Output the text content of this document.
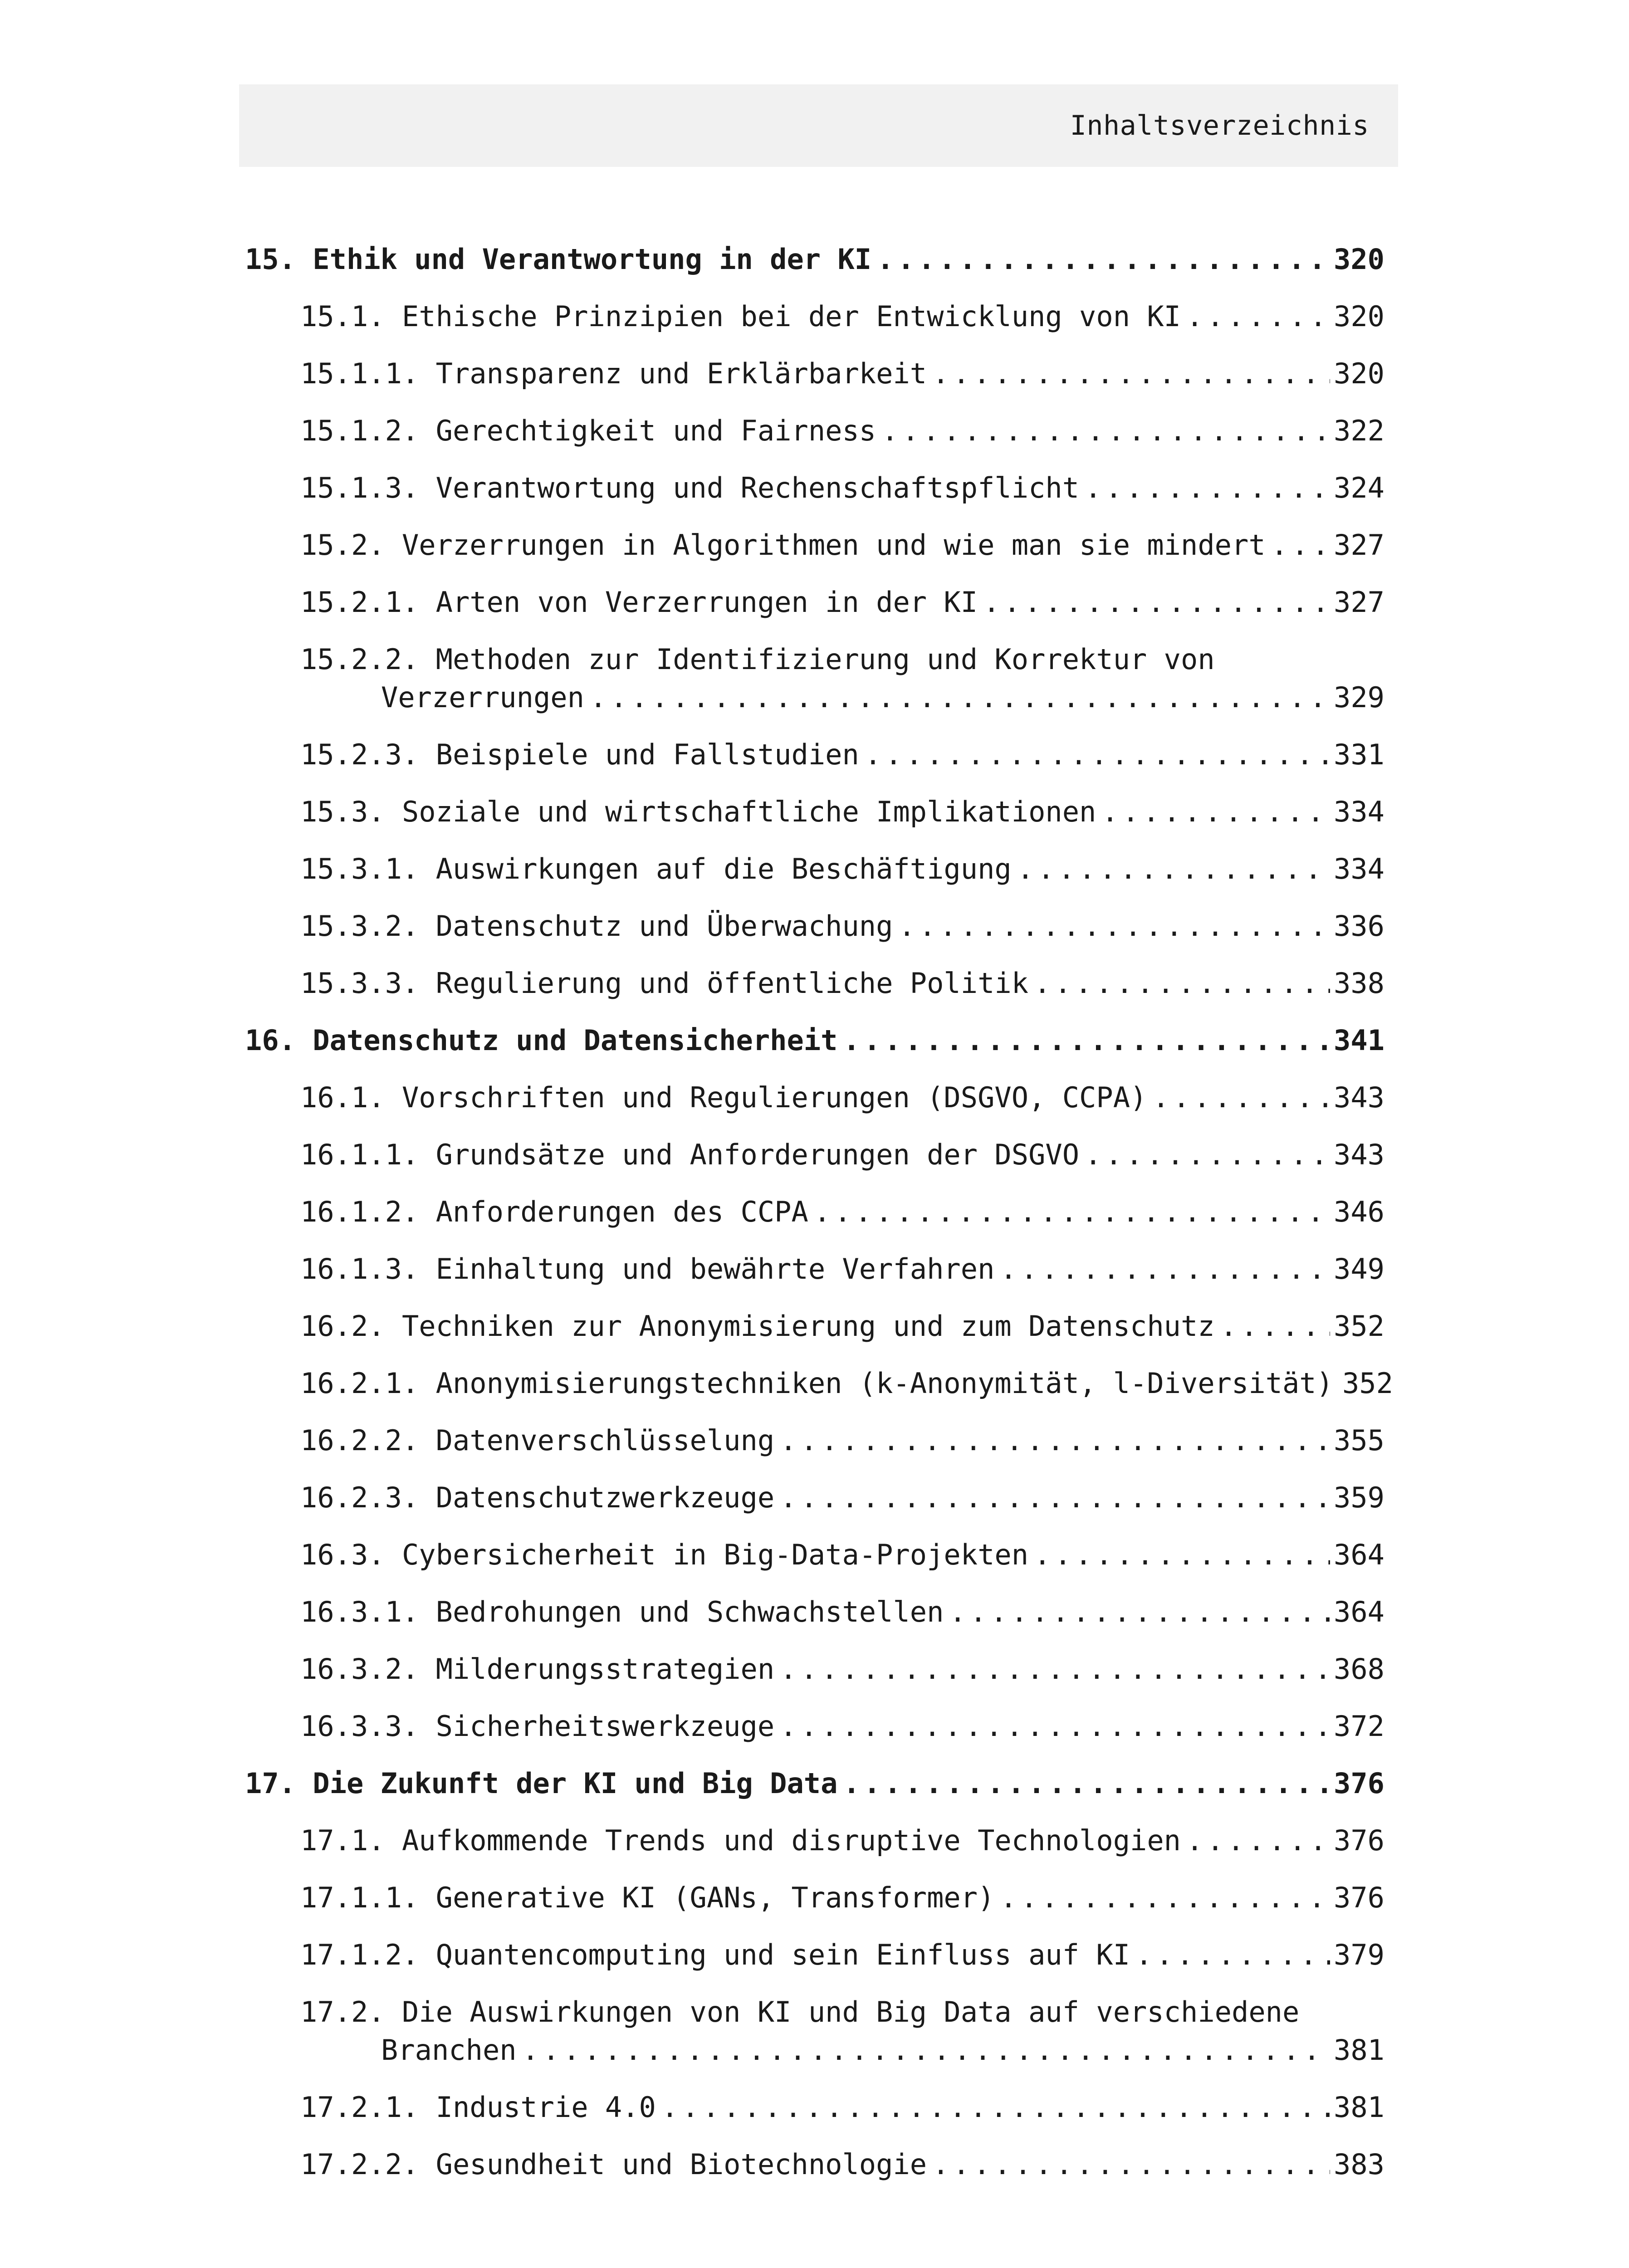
Inhaltsverzeichnis
15. Ethik und Verantwortung in der KI .....	320
15.1. Ethische Prinzipien bei der Entwicklung von KI .....	320
15.1.1. Transparenz und Erklärbarkeit .....	320
15.1.2. Gerechtigkeit und Fairness .....	322
15.1.3. Verantwortung und Rechenschaftspflicht .....	324
15.2. Verzerrungen in Algorithmen und wie man sie mindert ..... 327
15.2.1. Arten von Verzerrungen in der KI .....	327
15.2.2. Methoden zur Identifizierung und Korrektur von
Verzerrungen .....	329
15.2.3. Beispiele und Fallstudien .....	331
15.3. Soziale und wirtschaftliche Implikationen .....	334
15.3.1. Auswirkungen auf die Beschäftigung .....	334
15.3.2. Datenschutz und Überwachung .....	336
15.3.3. Regulierung und öffentliche Politik .....	338
16. Datenschutz und Datensicherheit .....	341
16.1. Vorschriften und Regulierungen (DSGVO, CCPA) .....	343
16.1.1. Grundsätze und Anforderungen der DSGVO .....	343
16.1.2. Anforderungen des CCPA .....	346
16.1.3. Einhaltung und bewährte Verfahren .....	349
16.2. Techniken zur Anonymisierung und zum Datenschutz .....	352
16.2.1. Anonymisierungstechniken (k-Anonymität, l-Diversität) 352
16.2.2. Datenverschlüsselung .....	355
16.2.3. Datenschutzwerkzeuge .....	359
16.3. Cybersicherheit in Big-Data-Projekten .....	364
16.3.1. Bedrohungen und Schwachstellen .....	364
16.3.2. Milderungsstrategien .....	368
16.3.3. Sicherheitswerkzeuge .....	372
17. Die Zukunft der KI und Big Data .....	376
17.1. Aufkommende Trends und disruptive Technologien .....	376
17.1.1. Generative KI (GANs, Transformer) .....	376
17.1.2. Quantencomputing und sein Einfluss auf KI .....	379
17.2. Die Auswirkungen von KI und Big Data auf verschiedene
Branchen .....	381
17.2.1. Industrie 4.0 .....	381
17.2.2. Gesundheit und Biotechnologie .....	383
